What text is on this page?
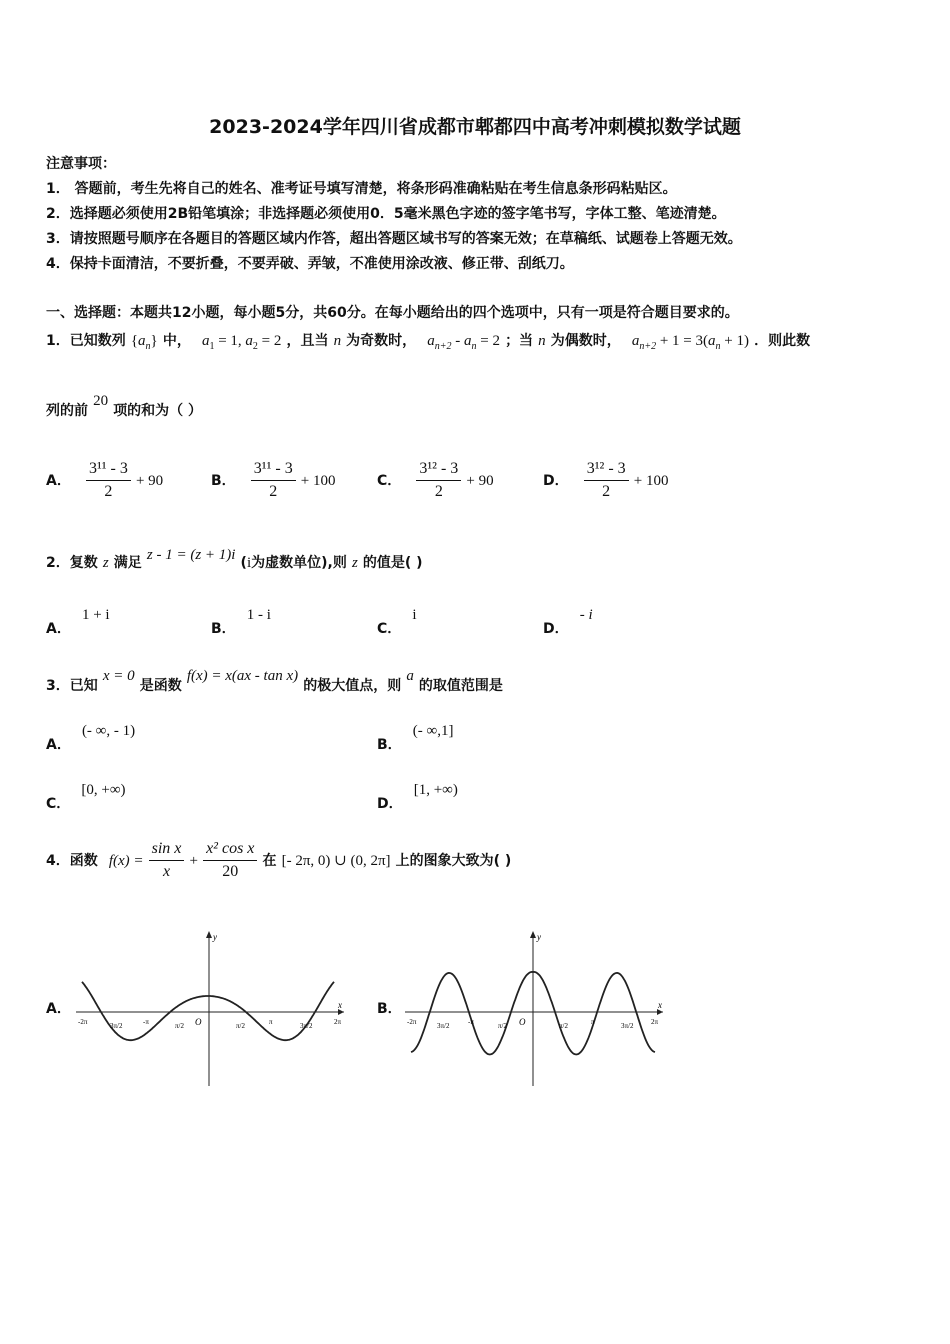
2023-2024学年四川省成都市郫都四中高考冲刺模拟数学试题
注意事项：
1． 答题前，考生先将自己的姓名、准考证号填写清楚，将条形码准确粘贴在考生信息条形码粘贴区。
2．选择题必须使用2B铅笔填涂；非选择题必须使用0．5毫米黑色字迹的签字笔书写，字体工整、笔迹清楚。
3．请按照题号顺序在各题目的答题区域内作答，超出答题区域书写的答案无效；在草稿纸、试题卷上答题无效。
4．保持卡面清洁，不要折叠，不要弄破、弄皱，不准使用涂改液、修正带、刮纸刀。
一、选择题：本题共12小题，每小题5分，共60分。在每小题给出的四个选项中，只有一项是符合题目要求的。
1．已知数列 $\{a_n\}$ 中， $a_1 = 1$, $a_2 = 2$ ，且当 n 为奇数时， $a_{n+2} - a_n = 2$ ；当 n 为偶数时， $a_{n+2} + 1 = 3(a_n + 1)$ ．则此数
列的前 20 项的和为（ ）
A． $\frac{\text{3¹¹ - 3}}{2} + 90$	B． $\frac{\text{3¹¹ - 3}}{2} + 100$	C． $\frac{\text{3¹² - 3}}{2} + 90$	D． $\frac{\text{3¹² - 3}}{2} + 100$
2．复数 z 满足 z - 1 = (z + 1)i (i为虚数单位),则 z 的值是( )
A． 1 + i
B． 1 - i
C． i
D． - i
3．已知 x = 0 是函数 f(x) = x(ax - tan x) 的极大值点，则 a 的取值范围是
A． (- ∞, - 1)
B． (- ∞,1]
C． [0, +∞)
D． [1, +∞)
4．函数 $f(x) = \frac{\text{sin x}}{x} + \frac{\text{x² cos x}}{20}$ 在 [- 2π, 0) ∪ (0, 2π] 上的图象大致为( )
A．	B．
y
x
O
-2π	3π/2	-π	π/2	π/2	π	3π/2	2π
y
x
O
-2π	3π/2	-π	π/2	π/2	π	3π/2	2π
